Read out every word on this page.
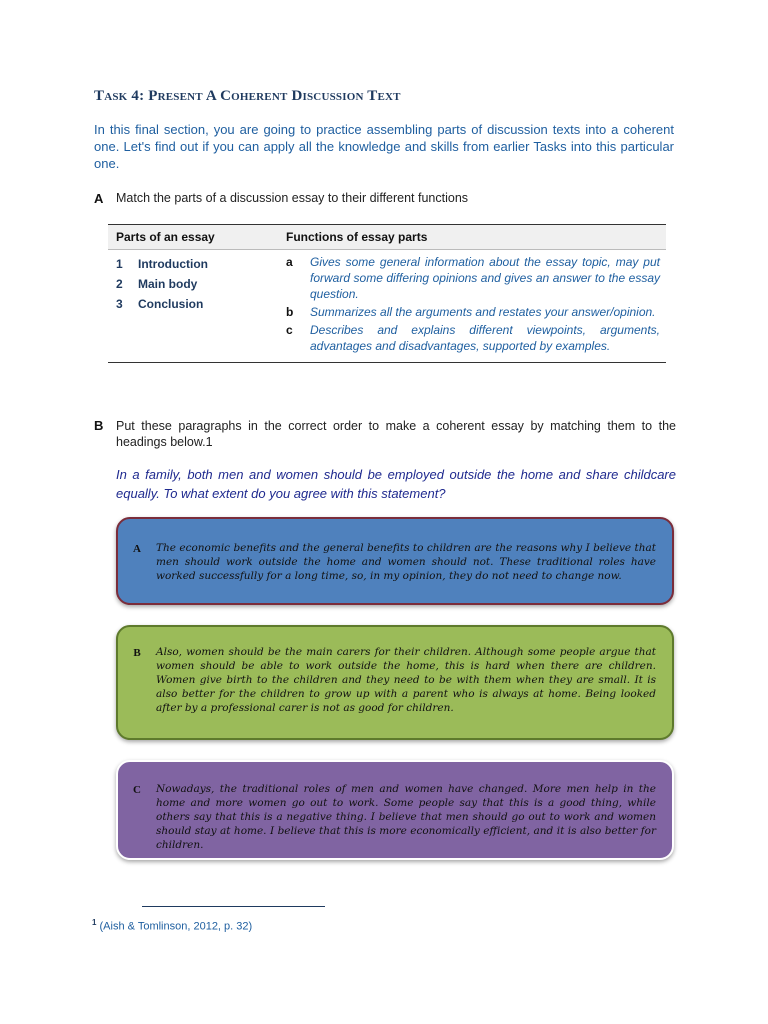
Task 4: Present A Coherent Discussion Text
In this final section, you are going to practice assembling parts of discussion texts into a coherent one. Let's find out if you can apply all the knowledge and skills from earlier Tasks into this particular one.
A Match the parts of a discussion essay to their different functions
Parts of an essay	Functions of essay parts
1	Introduction
2	Main body
3	Conclusion
a	Gives some general information about the essay topic, may put forward some differing opinions and gives an answer to the essay question.
b	Summarizes all the arguments and restates your answer/opinion.
c	Describes and explains different viewpoints, arguments, advantages and disadvantages, supported by examples.
B Put these paragraphs in the correct order to make a coherent essay by matching them to the headings below.1
In a family, both men and women should be employed outside the home and share childcare equally. To what extent do you agree with this statement?
A	The economic benefits and the general benefits to children are the reasons why I believe that men should work outside the home and women should not. These traditional roles have worked successfully for a long time, so, in my opinion, they do not need to change now.
B	Also, women should be the main carers for their children. Although some people argue that women should be able to work outside the home, this is hard when there are children. Women give birth to the children and they need to be with them when they are small. It is also better for the children to grow up with a parent who is always at home. Being looked after by a professional carer is not as good for children.
C	Nowadays, the traditional roles of men and women have changed. More men help in the home and more women go out to work. Some people say that this is a good thing, while others say that this is a negative thing. I believe that men should go out to work and women should stay at home. I believe that this is more economically efficient, and it is also better for children.
$^1$ (Aish & Tomlinson, 2012, p. 32)
